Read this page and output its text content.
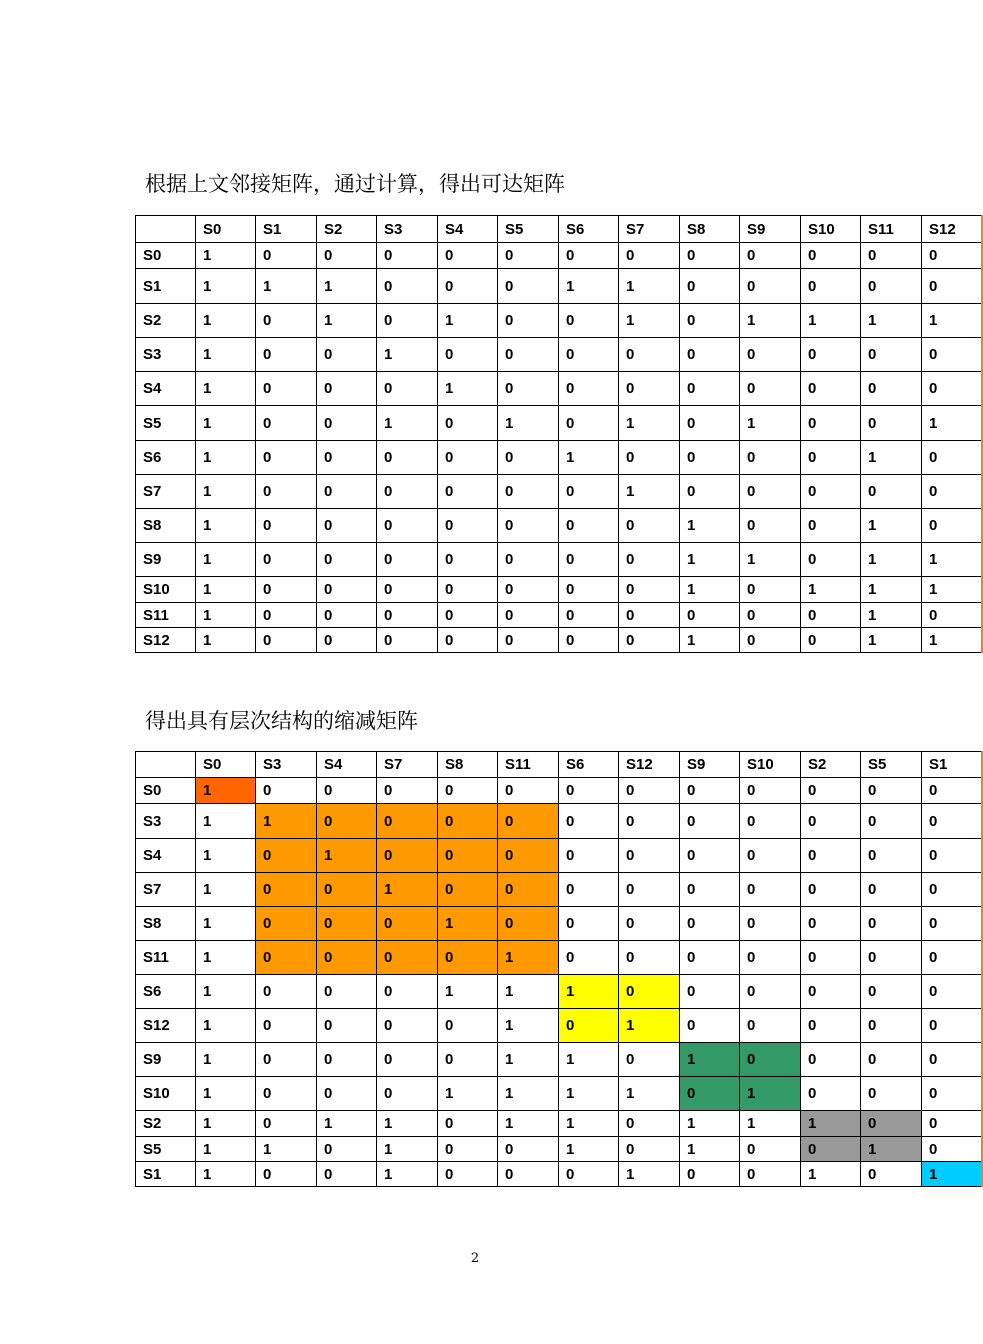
根据上文邻接矩阵，通过计算，得出可达矩阵
	S0	S1	S2	S3	S4	S5	S6	S7	S8	S9	S10	S11	S12
S0	1	0	0	0	0	0	0	0	0	0	0	0	0
S1	1	1	1	0	0	0	1	1	0	0	0	0	0
S2	1	0	1	0	1	0	0	1	0	1	1	1	1
S3	1	0	0	1	0	0	0	0	0	0	0	0	0
S4	1	0	0	0	1	0	0	0	0	0	0	0	0
S5	1	0	0	1	0	1	0	1	0	1	0	0	1
S6	1	0	0	0	0	0	1	0	0	0	0	1	0
S7	1	0	0	0	0	0	0	1	0	0	0	0	0
S8	1	0	0	0	0	0	0	0	1	0	0	1	0
S9	1	0	0	0	0	0	0	0	1	1	0	1	1
S10	1	0	0	0	0	0	0	0	1	0	1	1	1
S11	1	0	0	0	0	0	0	0	0	0	0	1	0
S12	1	0	0	0	0	0	0	0	1	0	0	1	1
得出具有层次结构的缩减矩阵
	S0	S3	S4	S7	S8	S11	S6	S12	S9	S10	S2	S5	S1
S0	1	0	0	0	0	0	0	0	0	0	0	0	0
S3	1	1	0	0	0	0	0	0	0	0	0	0	0
S4	1	0	1	0	0	0	0	0	0	0	0	0	0
S7	1	0	0	1	0	0	0	0	0	0	0	0	0
S8	1	0	0	0	1	0	0	0	0	0	0	0	0
S11	1	0	0	0	0	1	0	0	0	0	0	0	0
S6	1	0	0	0	1	1	1	0	0	0	0	0	0
S12	1	0	0	0	0	1	0	1	0	0	0	0	0
S9	1	0	0	0	0	1	1	0	1	0	0	0	0
S10	1	0	0	0	1	1	1	1	0	1	0	0	0
S2	1	0	1	1	0	1	1	0	1	1	1	0	0
S5	1	1	0	1	0	0	1	0	1	0	0	1	0
S1	1	0	0	1	0	0	0	1	0	0	1	0	1
2
